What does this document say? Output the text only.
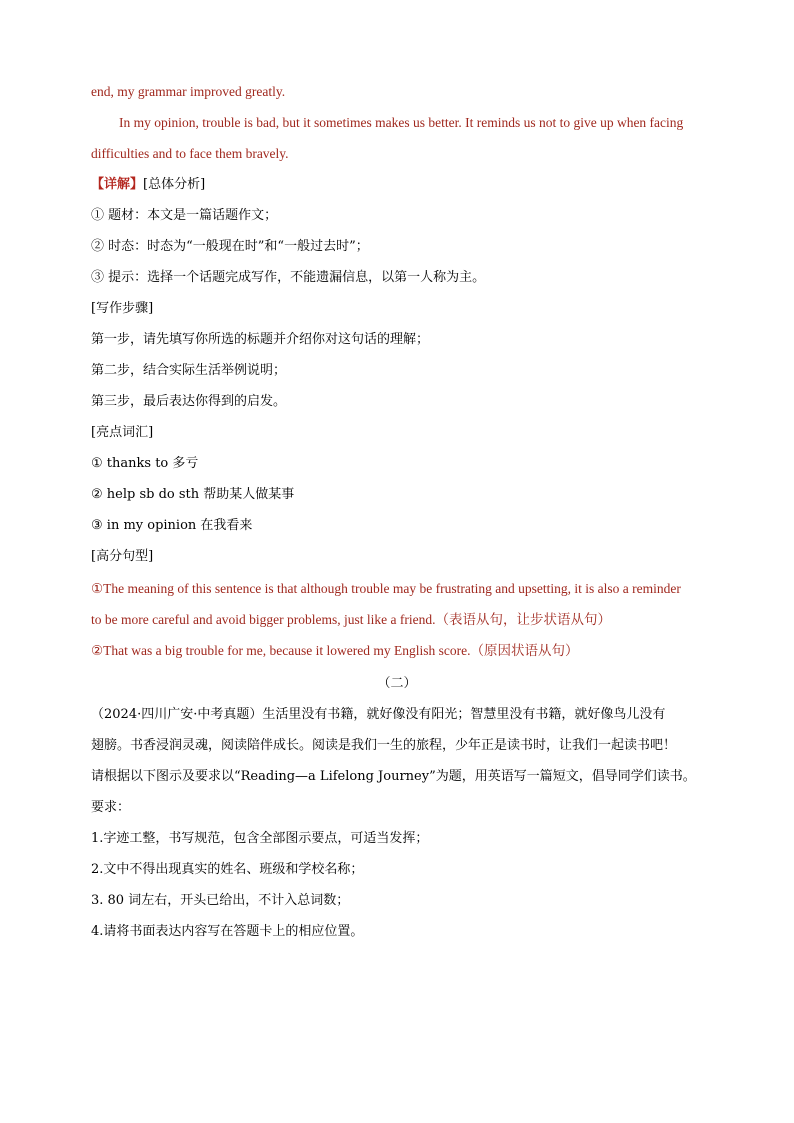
end, my grammar improved greatly.
In my opinion, trouble is bad, but it sometimes makes us better. It reminds us not to give up when facing
difficulties and to face them bravely.
【详解】[总体分析]
① 题材：本文是一篇话题作文；
② 时态：时态为“一般现在时”和“一般过去时”；
③ 提示：选择一个话题完成写作，不能遗漏信息，以第一人称为主。
[写作步骤]
第一步，请先填写你所选的标题并介绍你对这句话的理解；
第二步，结合实际生活举例说明；
第三步，最后表达你得到的启发。
[亮点词汇]
① thanks to 多亏
② help sb do sth 帮助某人做某事
③ in my opinion 在我看来
[高分句型]
①The meaning of this sentence is that although trouble may be frustrating and upsetting, it is also a reminder
to be more careful and avoid bigger problems, just like a friend.（表语从句，让步状语从句）
②That was a big trouble for me, because it lowered my English score.（原因状语从句）
（二）
（2024·四川广安·中考真题）生活里没有书籍，就好像没有阳光；智慧里没有书籍，就好像鸟儿没有
翅膀。书香浸润灵魂，阅读陪伴成长。阅读是我们一生的旅程，少年正是读书时，让我们一起读书吧！
请根据以下图示及要求以“Reading—a Lifelong Journey”为题，用英语写一篇短文，倡导同学们读书。
要求：
1.字迹工整，书写规范，包含全部图示要点，可适当发挥；
2.文中不得出现真实的姓名、班级和学校名称；
3. 80 词左右，开头已给出，不计入总词数；
4.请将书面表达内容写在答题卡上的相应位置。
